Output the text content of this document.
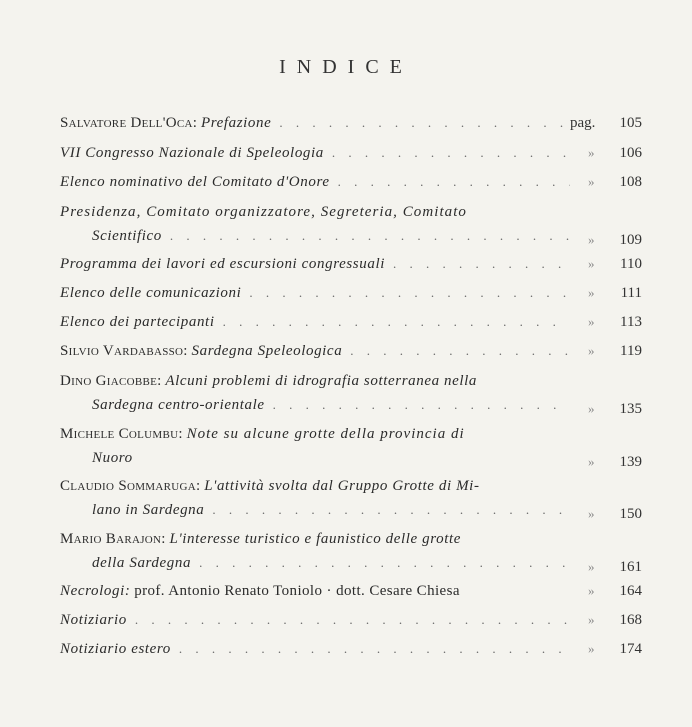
INDICE
Salvatore Dell'Oca:
Prefazione . . .	pag. 105
VII Congresso Nazionale di Speleologia . . .	» 106
Elenco nominativo del Comitato d'Onore . . .	» 108
Presidenza, Comitato organizzatore, Segreteria, Comitato
Scientifico . . .	» 109
Programma dei lavori ed escursioni congressuali . . .	» 110
Elenco delle comunicazioni . . .	» 111
Elenco dei partecipanti . . .	» 113
Silvio Vardabasso:
Sardegna Speleologica . . .	» 119
Dino Giacobbe:
Alcuni problemi di idrografia sotterranea nella
Sardegna centro-orientale . . .	» 135
Michele Columbu:
Note su alcune grotte della provincia di
Nuoro	» 139
Claudio Sommaruga:
L'attività svolta dal Gruppo Grotte di Mi-
lano in Sardegna . . .	» 150
Mario Barajon:
L'interesse turistico e faunistico delle grotte
della Sardegna . . .	» 161
Necrologi:
prof. Antonio Renato Toniolo · dott. Cesare Chiesa	» 164
Notiziario . . .	» 168
Notiziario estero . . .	» 174
